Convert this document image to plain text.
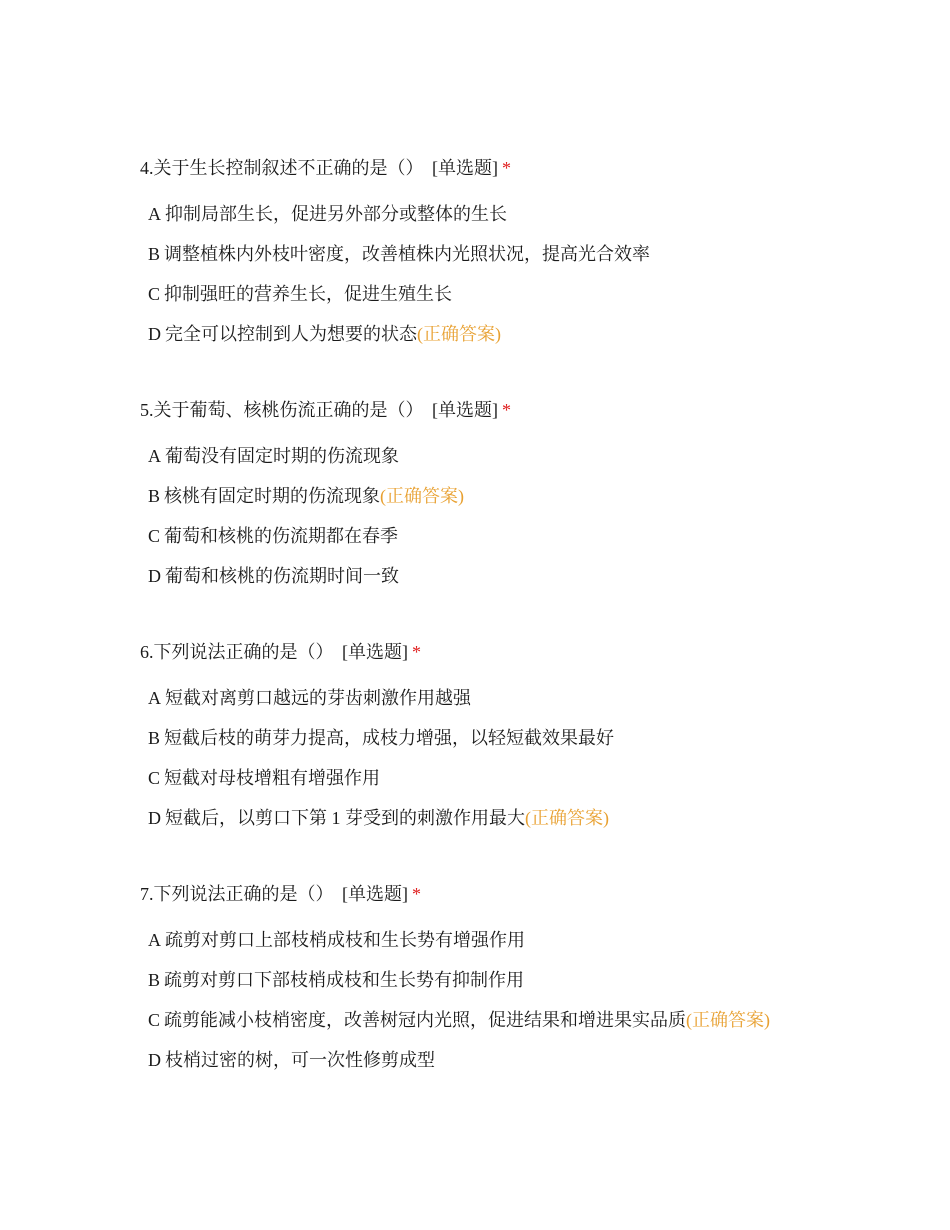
4.关于生长控制叙述不正确的是（） [单选题] *
A 抑制局部生长，促进另外部分或整体的生长
B 调整植株内外枝叶密度，改善植株内光照状况，提高光合效率
C 抑制强旺的营养生长，促进生殖生长
D 完全可以控制到人为想要的状态(正确答案)
5.关于葡萄、核桃伤流正确的是（） [单选题] *
A 葡萄没有固定时期的伤流现象
B 核桃有固定时期的伤流现象(正确答案)
C 葡萄和核桃的伤流期都在春季
D 葡萄和核桃的伤流期时间一致
6.下列说法正确的是（） [单选题] *
A 短截对离剪口越远的芽齿刺激作用越强
B 短截后枝的萌芽力提高，成枝力增强，以轻短截效果最好
C 短截对母枝增粗有增强作用
D 短截后，以剪口下第 1 芽受到的刺激作用最大(正确答案)
7.下列说法正确的是（） [单选题] *
A 疏剪对剪口上部枝梢成枝和生长势有增强作用
B 疏剪对剪口下部枝梢成枝和生长势有抑制作用
C 疏剪能减小枝梢密度，改善树冠内光照，促进结果和增进果实品质(正确答案)
D 枝梢过密的树，可一次性修剪成型
